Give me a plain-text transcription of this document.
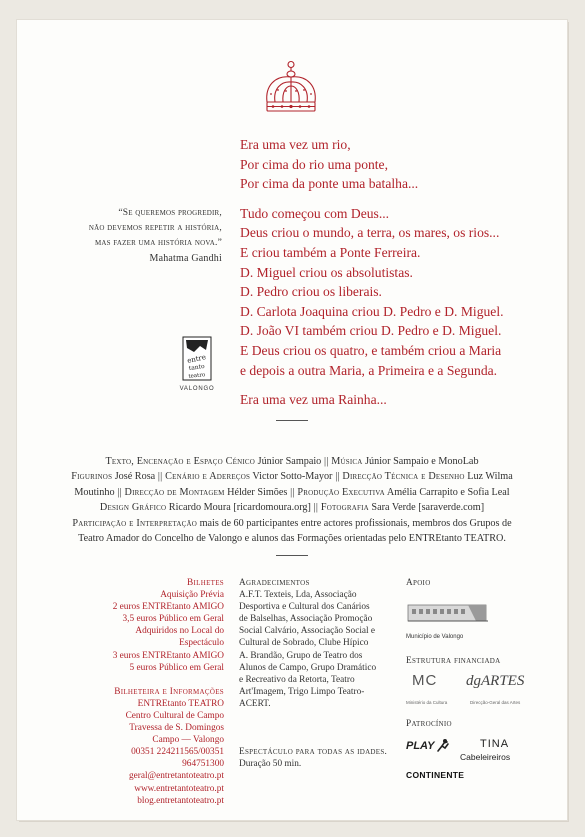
Era uma vez um rio,
Por cima do rio uma ponte,
Por cima da ponte uma batalha...
Tudo começou com Deus...
Deus criou o mundo, a terra, os mares, os rios...
E criou também a Ponte Ferreira.
D. Miguel criou os absolutistas.
D. Pedro criou os liberais.
D. Carlota Joaquina criou D. Pedro e D. Miguel.
D. João VI também criou D. Pedro e D. Miguel.
E Deus criou os quatro, e também criou a Maria
e depois a outra Maria, a Primeira e a Segunda.
Era uma vez uma Rainha...
“Se queremos progredir,
não devemos repetir a história,
mas fazer uma história nova.”
Mahatma Gandhi
entre
tanto
teatro
VALONGO
Texto, Encenação e Espaço Cénico Júnior Sampaio || Música Júnior Sampaio e MonoLab
Figurinos José Rosa || Cenário e Adereços Victor Sotto-Mayor || Direcção Técnica e Desenho Luz Wilma
Moutinho || Direcção de Montagem Hélder Simões || Produção Executiva Amélia Carrapito e Sofia Leal
Design Gráfico Ricardo Moura [ricardomoura.org] || Fotografia Sara Verde [saraverde.com]
Participação e Interpretação mais de 60 participantes entre actores profissionais, membros dos Grupos de
Teatro Amador do Concelho de Valongo e alunos das Formações orientadas pelo ENTREtanto TEATRO.
Bilhetes
Aquisição Prévia
2 euros ENTREtanto AMIGO
3,5 euros Público em Geral
Adquiridos no Local do Espectáculo
3 euros ENTREtanto AMIGO
5 euros Público em Geral
Bilheteira e Informações
ENTREtanto TEATRO
Centro Cultural de Campo
Travessa de S. Domingos
Campo — Valongo
00351 224211565/00351 964751300
geral@entretantoteatro.pt
www.entretantoteatro.pt
blog.entretantoteatro.pt
Agradecimentos
A.F.T. Texteis, Lda, Associação
Desportiva e Cultural dos Canários
de Balselhas, Associação Promoção
Social Calvário, Associação Social e
Cultural de Sobrado, Clube Hípico
A. Brandão, Grupo de Teatro dos
Alunos de Campo, Grupo Dramático
e Recreativo da Retorta, Teatro
Art'Imagem, Trigo Limpo Teatro-
ACERT.
Espectáculo para todas as idades.
Duração 50 min.
Apoio
Município de Valongo
Estrutura financiada
MC
Ministério da Cultura
dgARTES
Direcção-Geral das Artes
Patrocínio
PLAY	TINA
Cabeleireiros
CONTINENTE
